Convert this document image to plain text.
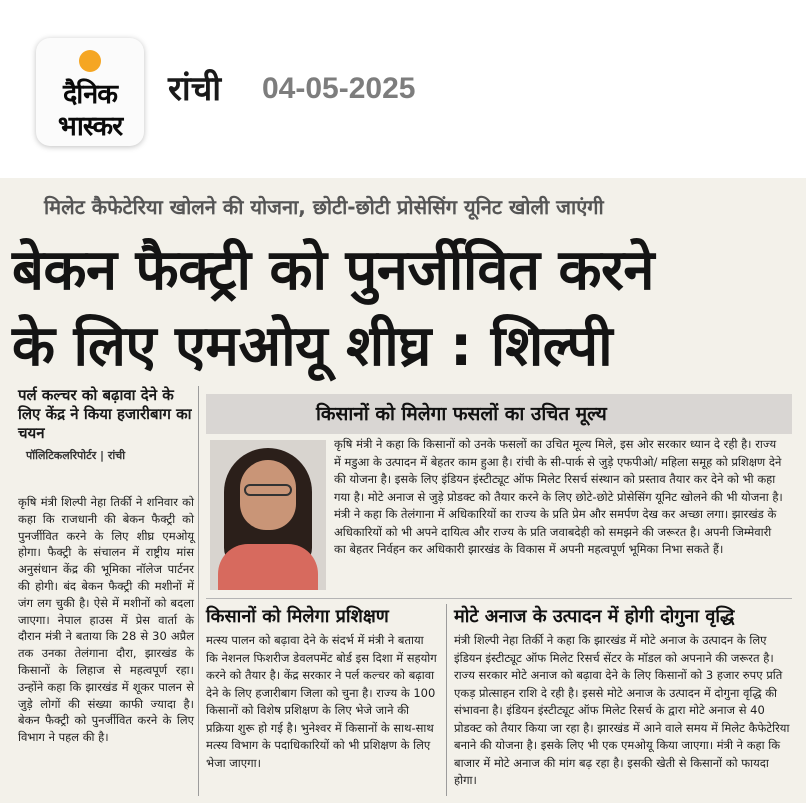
दैनिक
भास्कर
रांची 04-05-2025
मिलेट कैफेटेरिया खोलने की योजना, छोटी-छोटी प्रोसेसिंग यूनिट खोली जाएंगी
बेकन फैक्ट्री को पुनर्जीवित करने
के लिए एमओयू शीघ्र : शिल्पी
पर्ल कल्चर को बढ़ावा देने के लिए केंद्र ने किया हजारीबाग का चयन
पॉलिटिकलरिपोर्टर | रांची
कृषि मंत्री शिल्पी नेहा तिर्की ने शनिवार को कहा कि राजधानी की बेकन फैक्ट्री को पुनर्जीवित करने के लिए शीघ्र एमओयू होगा। फैक्ट्री के संचालन में राष्ट्रीय मांस अनुसंधान केंद्र की भूमिका नॉलेज पार्टनर की होगी। बंद बेकन फैक्ट्री की मशीनों में जंग लग चुकी है। ऐसे में मशीनों को बदला जाएगा। नेपाल हाउस में प्रेस वार्ता के दौरान मंत्री ने बताया कि 28 से 30 अप्रैल तक उनका तेलंगाना दौरा, झारखंड के किसानों के लिहाज से महत्वपूर्ण रहा। उन्होंने कहा कि झारखंड में शूकर पालन से जुड़े लोगों की संख्या काफी ज्यादा है। बेकन फैक्ट्री को पुनर्जीवित करने के लिए विभाग ने पहल की है।
किसानों को मिलेगा फसलों का उचित मूल्य
कृषि मंत्री ने कहा कि किसानों को उनके फसलों का उचित मूल्य मिले, इस ओर सरकार ध्यान दे रही है। राज्य में मडुआ के उत्पादन में बेहतर काम हुआ है। रांची के सी-पार्क से जुड़े एफपीओ/ महिला समूह को प्रशिक्षण देने की योजना है। इसके लिए इंडियन इंस्टीट्यूट ऑफ मिलेट रिसर्च संस्थान को प्रस्ताव तैयार कर देने को भी कहा गया है। मोटे अनाज से जुड़े प्रोडक्ट को तैयार करने के लिए छोटे-छोटे प्रोसेसिंग यूनिट खोलने की भी योजना है। मंत्री ने कहा कि तेलंगाना में अधिकारियों का राज्य के प्रति प्रेम और समर्पण देख कर अच्छा लगा। झारखंड के अधिकारियों को भी अपने दायित्व और राज्य के प्रति जवाबदेही को समझने की जरूरत है। अपनी जिम्मेवारी का बेहतर निर्वहन कर अधिकारी झारखंड के विकास में अपनी महत्वपूर्ण भूमिका निभा सकते हैं।
किसानों को मिलेगा प्रशिक्षण
मत्स्य पालन को बढ़ावा देने के संदर्भ में मंत्री ने बताया कि नेशनल फिशरीज डेवलपमेंट बोर्ड इस दिशा में सहयोग करने को तैयार है। केंद्र सरकार ने पर्ल कल्चर को बढ़ावा देने के लिए हजारीबाग जिला को चुना है। राज्य के 100 किसानों को विशेष प्रशिक्षण के लिए भेजे जाने की प्रक्रिया शुरू हो गई है। भुनेश्वर में किसानों के साथ-साथ मत्स्य विभाग के पदाधिकारियों को भी प्रशिक्षण के लिए भेजा जाएगा।
मोटे अनाज के उत्पादन में होगी दोगुना वृद्धि
मंत्री शिल्पी नेहा तिर्की ने कहा कि झारखंड में मोटे अनाज के उत्पादन के लिए इंडियन इंस्टीट्यूट ऑफ मिलेट रिसर्च सेंटर के मॉडल को अपनाने की जरूरत है। राज्य सरकार मोटे अनाज को बढ़ावा देने के लिए किसानों को 3 हजार रुपए प्रति एकड़ प्रोत्साहन राशि दे रही है। इससे मोटे अनाज के उत्पादन में दोगुना वृद्धि की संभावना है। इंडियन इंस्टीट्यूट ऑफ मिलेट रिसर्च के द्वारा मोटे अनाज से 40 प्रोडक्ट को तैयार किया जा रहा है। झारखंड में आने वाले समय में मिलेट कैफेटेरिया बनाने की योजना है। इसके लिए भी एक एमओयू किया जाएगा। मंत्री ने कहा कि बाजार में मोटे अनाज की मांग बढ़ रहा है। इसकी खेती से किसानों को फायदा होगा।
